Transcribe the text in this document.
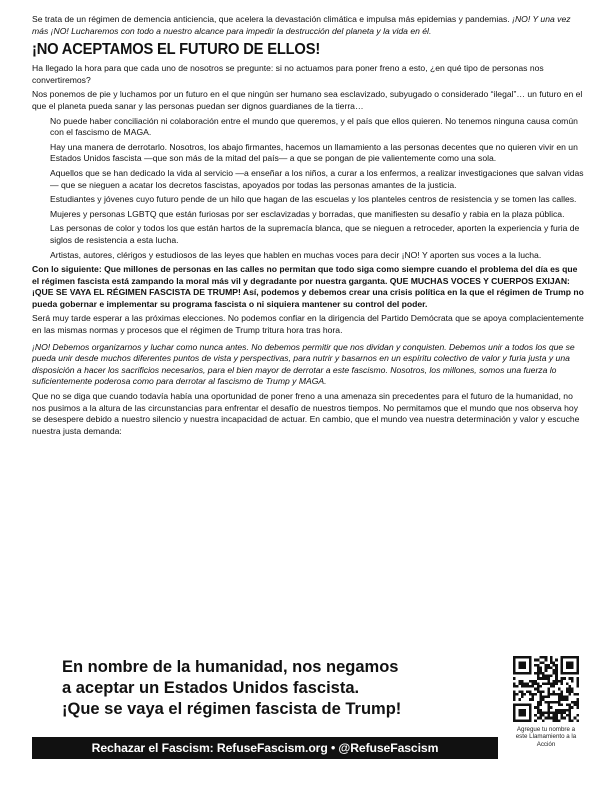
Se trata de un régimen de demencia anticiencia, que acelera la devastación climática e impulsa más epidemias y pandemias. ¡NO! Y una vez más ¡NO! Lucharemos con todo a nuestro alcance para impedir la destrucción del planeta y la vida en él.

¡NO ACEPTAMOS EL FUTURO DE ELLOS!

Ha llegado la hora para que cada uno de nosotros se pregunte: si no actuamos para poner freno a esto, ¿en qué tipo de personas nos convertiremos?

Nos ponemos de pie y luchamos por un futuro en el que ningún ser humano sea esclavizado, subyugado o considerado “ilegal”… un futuro en el que el planeta pueda sanar y las personas puedan ser dignos guardianes de la tierra…

No puede haber conciliación ni colaboración entre el mundo que queremos, y el país que ellos quieren. No tenemos ninguna causa común con el fascismo de MAGA.

Hay una manera de derrotarlo. Nosotros, los abajo firmantes, hacemos un llamamiento a las personas decentes que no quieren vivir en un Estados Unidos fascista —que son más de la mitad del país— a que se pongan de pie valientemente como una sola.

Aquellos que se han dedicado la vida al servicio —a enseñar a los niños, a curar a los enfermos, a realizar investigaciones que salvan vidas— que se nieguen a acatar los decretos fascistas, apoyados por todas las personas amantes de la justicia.

Estudiantes y jóvenes cuyo futuro pende de un hilo que hagan de las escuelas y los planteles centros de resistencia y se tomen las calles.

Mujeres y personas LGBTQ que están furiosas por ser esclavizadas y borradas, que manifiesten su desafío y rabia en la plaza pública.

Las personas de color y todos los que están hartos de la supremacía blanca, que se nieguen a retroceder, aporten la experiencia y furia de siglos de resistencia a esta lucha.

Artistas, autores, clérigos y estudiosos de las leyes que hablen en muchas voces para decir ¡NO! Y aporten sus voces a la lucha.

Con lo siguiente: Que millones de personas en las calles no permitan que todo siga como siempre cuando el problema del día es que el régimen fascista está zampando la moral más vil y degradante por nuestra garganta. QUE MUCHAS VOCES Y CUERPOS EXIJAN: ¡QUE SE VAYA EL RÉGIMEN FASCISTA DE TRUMP! Así, podemos y debemos crear una crisis política en la que el régimen de Trump no pueda gobernar e implementar su programa fascista o ni siquiera mantener su control del poder.

Será muy tarde esperar a las próximas elecciones. No podemos confiar en la dirigencia del Partido Demócrata que se apoya complacientemente en las mismas normas y procesos que el régimen de Trump tritura hora tras hora.

¡NO! Debemos organizarnos y luchar como nunca antes. No debemos permitir que nos dividan y conquisten. Debemos unir a todos los que se pueda unir desde muchos diferentes puntos de vista y perspectivas, para nutrir y basarnos en un espíritu colectivo de valor y furia justa y una disposición a hacer los sacrificios necesarios, para el bien mayor de derrotar a este fascismo. Nosotros, los millones, somos una fuerza lo suficientemente poderosa como para derrotar al fascismo de Trump y MAGA.

Que no se diga que cuando todavía había una oportunidad de poner freno a una amenaza sin precedentes para el futuro de la humanidad, no nos pusimos a la altura de las circunstancias para enfrentar el desafío de nuestros tiempos. No permitamos que el mundo que nos observa hoy se desespere debido a nuestro silencio y nuestra incapacidad de actuar. En cambio, que el mundo vea nuestra determinación y valor y escuche nuestra justa demanda:

En nombre de la humanidad, nos negamos
a aceptar un Estados Unidos fascista.
¡Que se vaya el régimen fascista de Trump!
Agregue tu nombre a este Llamamiento a la Acción
Rechazar el Fascism: RefuseFascism.org • @RefuseFascism
